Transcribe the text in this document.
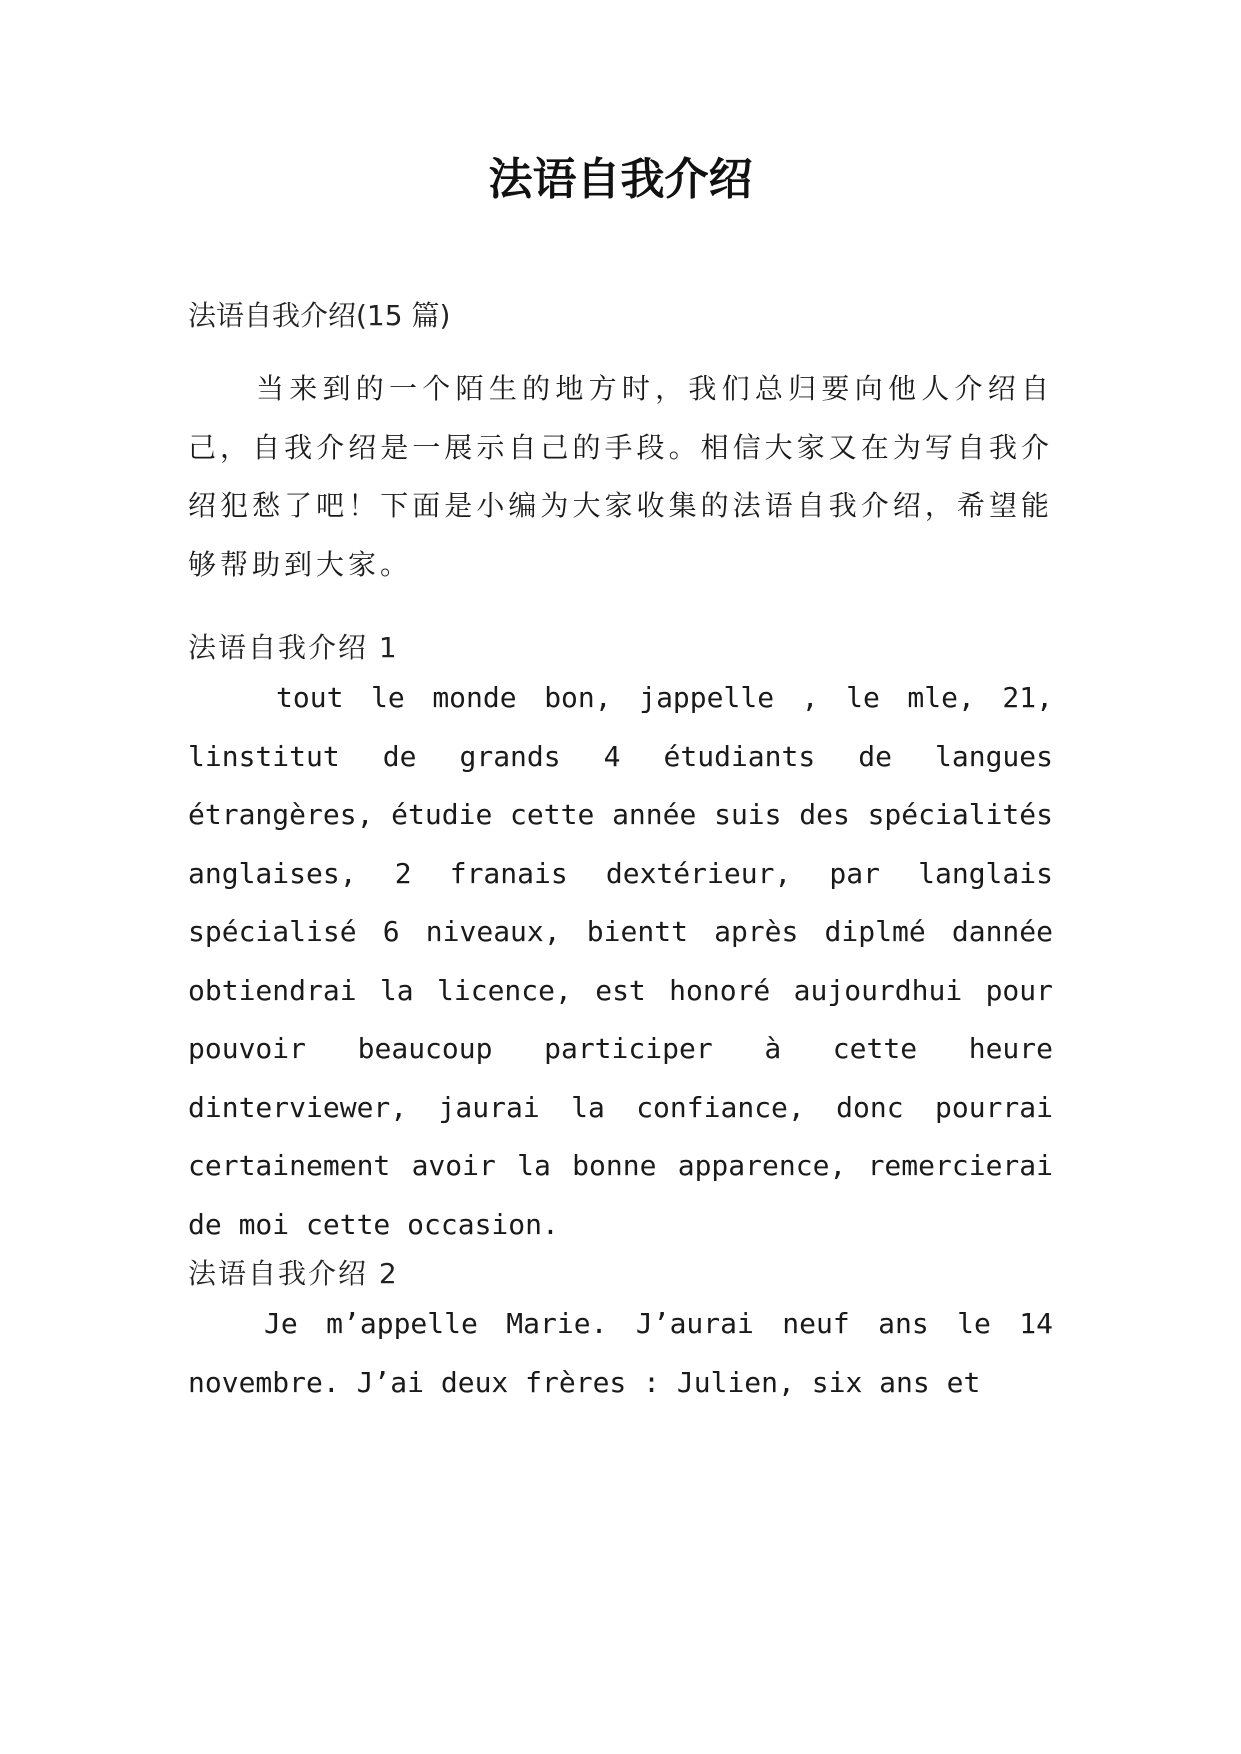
法语自我介绍
法语自我介绍(15 篇)
当来到的一个陌生的地方时，我们总归要向他人介绍自己，自我介绍是一展示自己的手段。相信大家又在为写自我介绍犯愁了吧！下面是小编为大家收集的法语自我介绍，希望能够帮助到大家。
法语自我介绍 1
tout le monde bon, jappelle , le mle, 21, linstitut de grands 4 étudiants de langues étrangères, étudie cette année suis des spécialités anglaises, 2 franais dextérieur, par langlais spécialisé 6 niveaux, bientt après diplmé dannée obtiendrai la licence, est honoré aujourdhui pour pouvoir beaucoup participer à cette heure dinterviewer, jaurai la confiance, donc pourrai certainement avoir la bonne apparence, remercierai de moi cette occasion.
法语自我介绍 2
Je m’appelle Marie. J’aurai neuf ans le 14 novembre. J’ai deux frères : Julien, six ans et
